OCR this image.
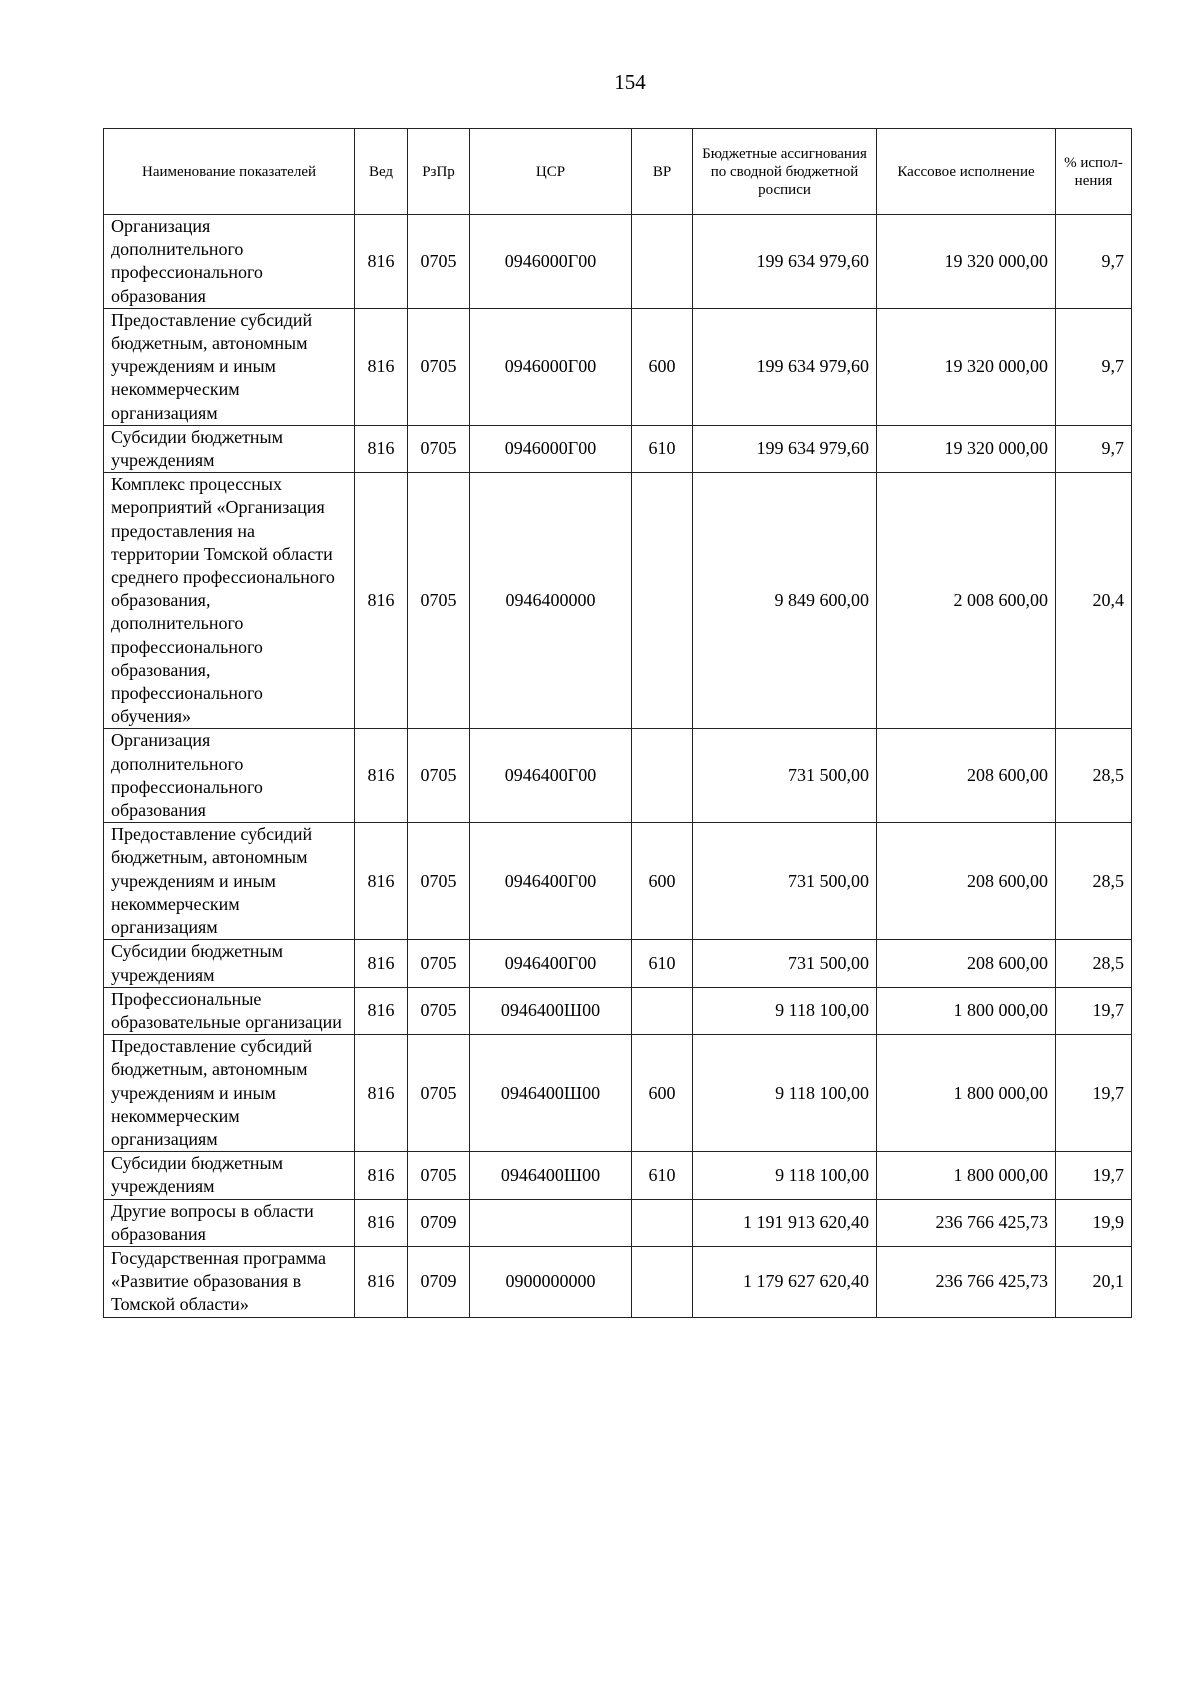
154
Наименование показателей	Вед	РзПр	ЦСР	ВР	Бюджетные ассигнования по сводной бюджетной росписи	Кассовое исполнение	% испол-нения
Организация дополнительного профессионального образования	816	0705	0946000Г00		199 634 979,60	19 320 000,00	9,7
Предоставление субсидий бюджетным, автономным учреждениям и иным некоммерческим организациям	816	0705	0946000Г00	600	199 634 979,60	19 320 000,00	9,7
Субсидии бюджетным учреждениям	816	0705	0946000Г00	610	199 634 979,60	19 320 000,00	9,7
Комплекс процессных мероприятий «Организация предоставления на территории Томской области среднего профессионального образования, дополнительного профессионального образования, профессионального обучения»	816	0705	0946400000		9 849 600,00	2 008 600,00	20,4
Организация дополнительного профессионального образования	816	0705	0946400Г00		731 500,00	208 600,00	28,5
Предоставление субсидий бюджетным, автономным учреждениям и иным некоммерческим организациям	816	0705	0946400Г00	600	731 500,00	208 600,00	28,5
Субсидии бюджетным учреждениям	816	0705	0946400Г00	610	731 500,00	208 600,00	28,5
Профессиональные образовательные организации	816	0705	0946400Ш00		9 118 100,00	1 800 000,00	19,7
Предоставление субсидий бюджетным, автономным учреждениям и иным некоммерческим организациям	816	0705	0946400Ш00	600	9 118 100,00	1 800 000,00	19,7
Субсидии бюджетным учреждениям	816	0705	0946400Ш00	610	9 118 100,00	1 800 000,00	19,7
Другие вопросы в области образования	816	0709			1 191 913 620,40	236 766 425,73	19,9
Государственная программа «Развитие образования в Томской области»	816	0709	0900000000		1 179 627 620,40	236 766 425,73	20,1
